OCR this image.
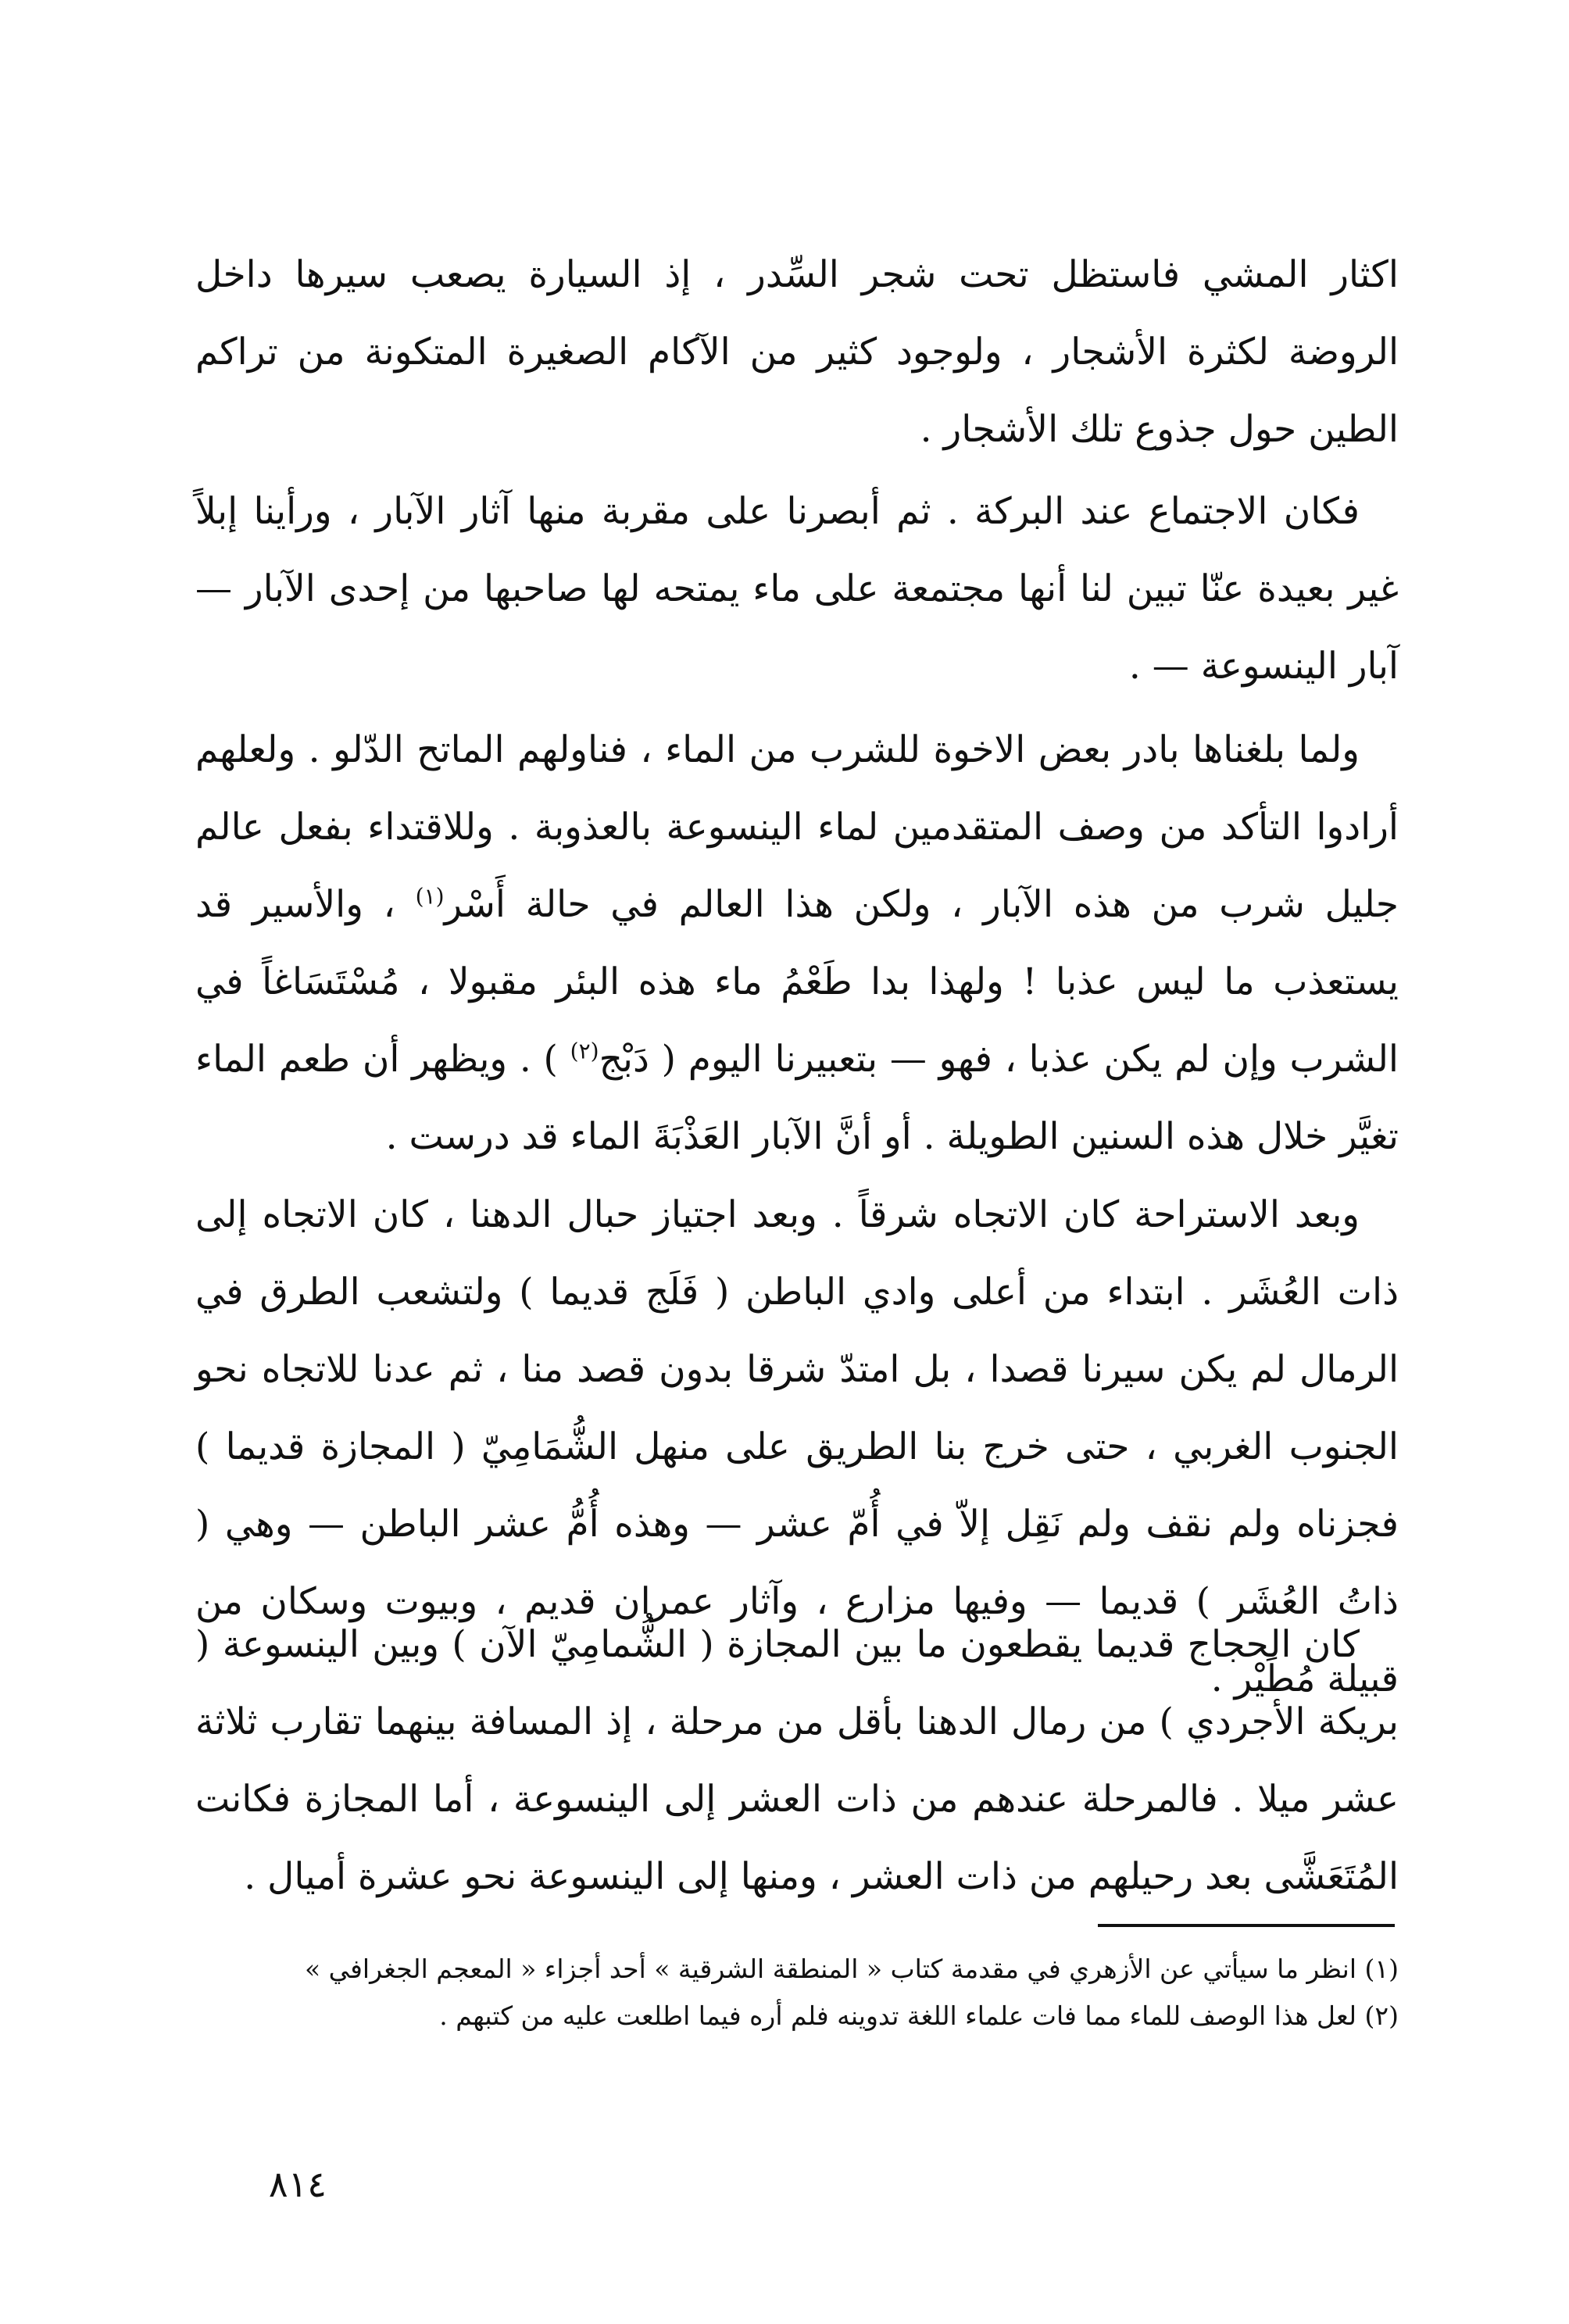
اكثار المشي فاستظل تحت شجر السِّدر ، إذ السيارة يصعب سيرها داخل الروضة لكثرة الأشجار ، ولوجود كثير من الآكام الصغيرة المتكونة من تراكم الطين حول جذوع تلك الأشجار .

فكان الاجتماع عند البركة . ثم أبصرنا على مقربة منها آثار الآبار ، ورأينا إبلاً غير بعيدة عنّا تبين لنا أنها مجتمعة على ماء يمتحه لها صاحبها من إحدى الآبار — آبار الينسوعة — .

ولما بلغناها بادر بعض الاخوة للشرب من الماء ، فناولهم الماتح الدّلو . ولعلهم أرادوا التأكد من وصف المتقدمين لماء الينسوعة بالعذوبة . وللاقتداء بفعل عالم جليل شرب من هذه الآبار ، ولكن هذا العالم في حالة أَسْر$^{(١)}$ ، والأسير قد يستعذب ما ليس عذبا ! ولهذا بدا طَعْمُ ماء هذه البئر مقبولا ، مُسْتَسَاغاً في الشرب وإن لم يكن عذبا ، فهو — بتعبيرنا اليوم ( دَبْج$^{(٢)}$ ) . ويظهر أن طعم الماء تغيَّر خلال هذه السنين الطويلة . أو أنَّ الآبار العَذْبَةَ الماء قد درست .

وبعد الاستراحة كان الاتجاه شرقاً . وبعد اجتياز حبال الدهنا ، كان الاتجاه إلى ذات العُشَر . ابتداء من أعلى وادي الباطن ( فَلَج قديما ) ولتشعب الطرق في الرمال لم يكن سيرنا قصدا ، بل امتدّ شرقا بدون قصد منا ، ثم عدنا للاتجاه نحو الجنوب الغربي ، حتى خرج بنا الطريق على منهل الشُّمَامِيّ ( المجازة قديما ) فجزناه ولم نقف ولم نَقِل إلاّ في أُمّ عشر — وهذه أُمُّ عشر الباطن — وهي ( ذاتُ العُشَر ) قديما — وفيها مزارع ، وآثار عمران قديم ، وبيوت وسكان من قبيلة مُطَيْر .

كان الحجاج قديما يقطعون ما بين المجازة ( الشُّمامِيّ الآن ) وبين الينسوعة ( بريكة الأجردي ) من رمال الدهنا بأقل من مرحلة ، إذ المسافة بينهما تقارب ثلاثة عشر ميلا . فالمرحلة عندهم من ذات العشر إلى الينسوعة ، أما المجازة فكانت المُتَعَشَّى بعد رحيلهم من ذات العشر ، ومنها إلى الينسوعة نحو عشرة أميال .

(١) انظر ما سيأتي عن الأزهري في مقدمة كتاب « المنطقة الشرقية » أحد أجزاء « المعجم الجغرافي »

(٢) لعل هذا الوصف للماء مما فات علماء اللغة تدوينه فلم أره فيما اطلعت عليه من كتبهم .

٨١٤
